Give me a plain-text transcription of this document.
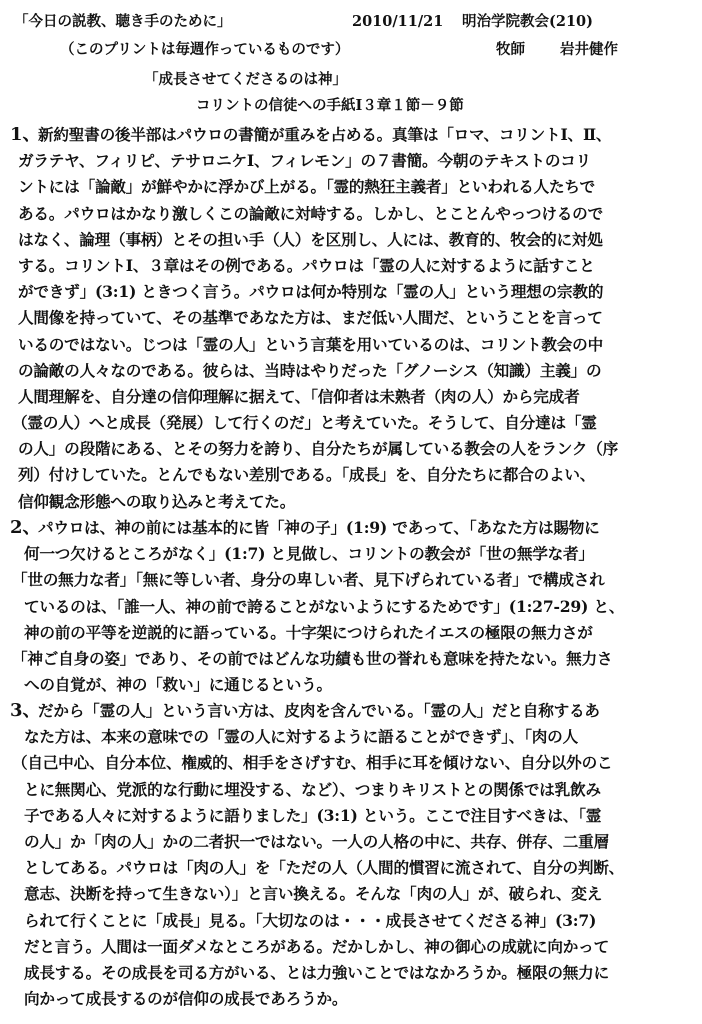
「今日の説教、聴き手のために」	2010/11/21 明治学院教会(210)
（このプリントは毎週作っているものです）	牧師 岩井健作
「成長させてくださるのは神」
コリントの信徒への手紙Ⅰ３章１節－９節
1、
新約聖書の後半部はパウロの書簡が重みを占める。真筆は「ロマ、コリントⅠ、Ⅱ、
ガラテヤ、フィリピ、テサロニケⅠ、フィレモン」の７書簡。今朝のテキストのコリ
ントには「論敵」が鮮やかに浮かび上がる。「霊的熱狂主義者」といわれる人たちで
ある。パウロはかなり激しくこの論敵に対峙する。しかし、とことんやっつけるので
はなく、論理（事柄）とその担い手（人）を区別し、人には、教育的、牧会的に対処
する。コリントⅠ、３章はその例である。パウロは「霊の人に対するように話すこと
ができず」(3:1) ときつく言う。パウロは何か特別な「霊の人」という理想の宗教的
人間像を持っていて、その基準であなた方は、まだ低い人間だ、ということを言って
いるのではない。じつは「霊の人」という言葉を用いているのは、コリント教会の中
の論敵の人々なのである。彼らは、当時はやりだった「グノーシス（知識）主義」の
人間理解を、自分達の信仰理解に据えて、「信仰者は未熟者（肉の人）から完成者
（霊の人）へと成長（発展）して行くのだ」と考えていた。そうして、自分達は「霊
の人」の段階にある、とその努力を誇り、自分たちが属している教会の人をランク（序
列）付けしていた。とんでもない差別である。「成長」を、自分たちに都合のよい、
信仰観念形態への取り込みと考えてた。
2、
パウロは、神の前には基本的に皆「神の子」(1:9) であって、「あなた方は賜物に
何一つ欠けるところがなく」(1:7) と見做し、コリントの教会が「世の無学な者」
「世の無力な者」「無に等しい者、身分の卑しい者、見下げられている者」で構成され
ているのは、「誰一人、神の前で誇ることがないようにするためです」(1:27-29) と、
神の前の平等を逆説的に語っている。十字架につけられたイエスの極限の無力さが
「神ご自身の姿」であり、その前ではどんな功績も世の誉れも意味を持たない。無力さ
への自覚が、神の「救い」に通じるという。
3、
だから「霊の人」という言い方は、皮肉を含んでいる。「霊の人」だと自称するあ
なた方は、本来の意味での「霊の人に対するように語ることができず」、「肉の人
（自己中心、自分本位、権威的、相手をさげすむ、相手に耳を傾けない、自分以外のこ
とに無関心、党派的な行動に埋没する、など）、つまりキリストとの関係では乳飲み
子である人々に対するように語りました」(3:1) という。ここで注目すべきは、「霊
の人」か「肉の人」かの二者択一ではない。一人の人格の中に、共存、併存、二重層
としてある。パウロは「肉の人」を「ただの人（人間的慣習に流されて、自分の判断、
意志、決断を持って生きない）」と言い換える。そんな「肉の人」が、破られ、変え
られて行くことに「成長」見る。「大切なのは・・・成長させてくださる神」(3:7)
だと言う。人間は一面ダメなところがある。だかしかし、神の御心の成就に向かって
成長する。その成長を司る方がいる、とは力強いことではなかろうか。極限の無力に
向かって成長するのが信仰の成長であろうか。
